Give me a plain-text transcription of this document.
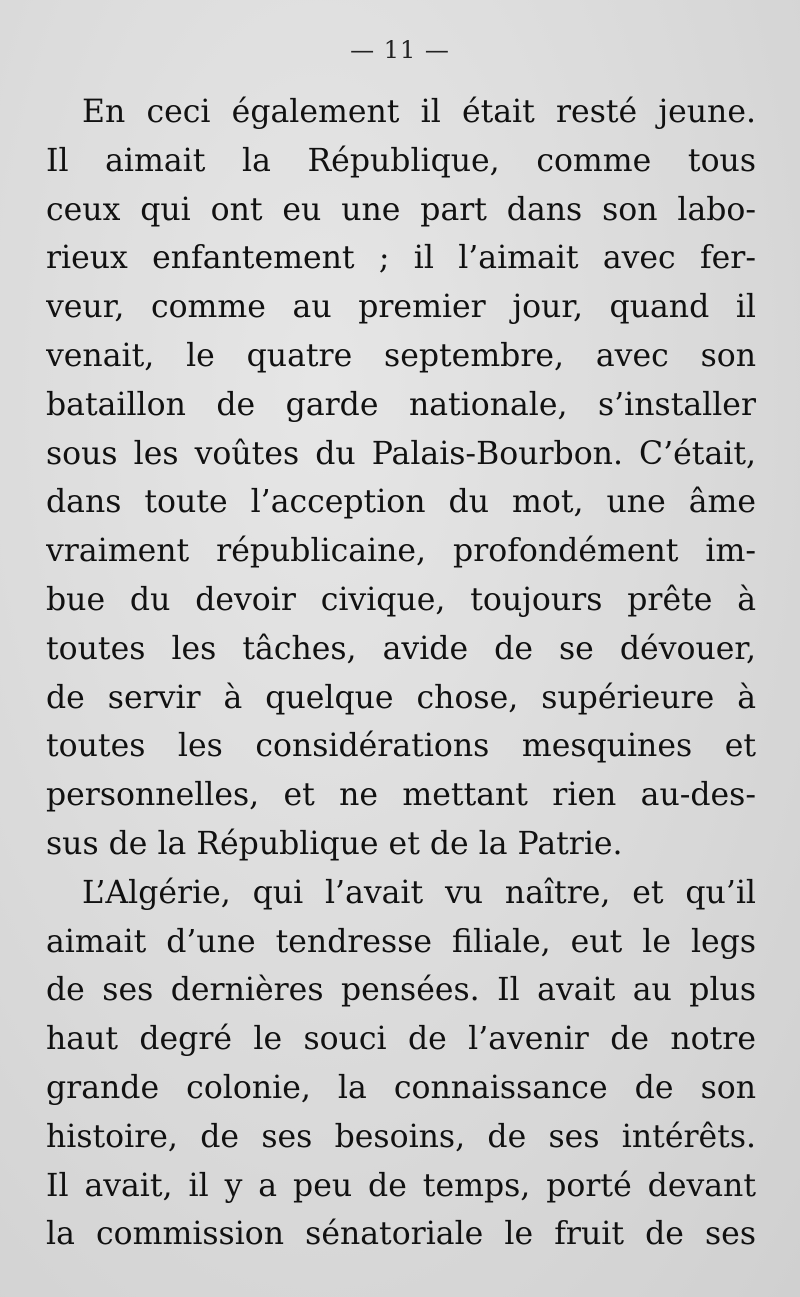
— 11 —
En ceci également il était resté jeune.
Il aimait la République, comme tous
ceux qui ont eu une part dans son labo-
rieux enfantement ; il l’aimait avec fer-
veur, comme au premier jour, quand il
venait, le quatre septembre, avec son
bataillon de garde nationale, s’installer
sous les voûtes du Palais-Bourbon. C’était,
dans toute l’acception du mot, une âme
vraiment républicaine, profondément im-
bue du devoir civique, toujours prête à
toutes les tâches, avide de se dévouer,
de servir à quelque chose, supérieure à
toutes les considérations mesquines et
personnelles, et ne mettant rien au-des-
sus de la République et de la Patrie.
L’Algérie, qui l’avait vu naître, et qu’il
aimait d’une tendresse filiale, eut le legs
de ses dernières pensées. Il avait au plus
haut degré le souci de l’avenir de notre
grande colonie, la connaissance de son
histoire, de ses besoins, de ses intérêts.
Il avait, il y a peu de temps, porté devant
la commission sénatoriale le fruit de ses
